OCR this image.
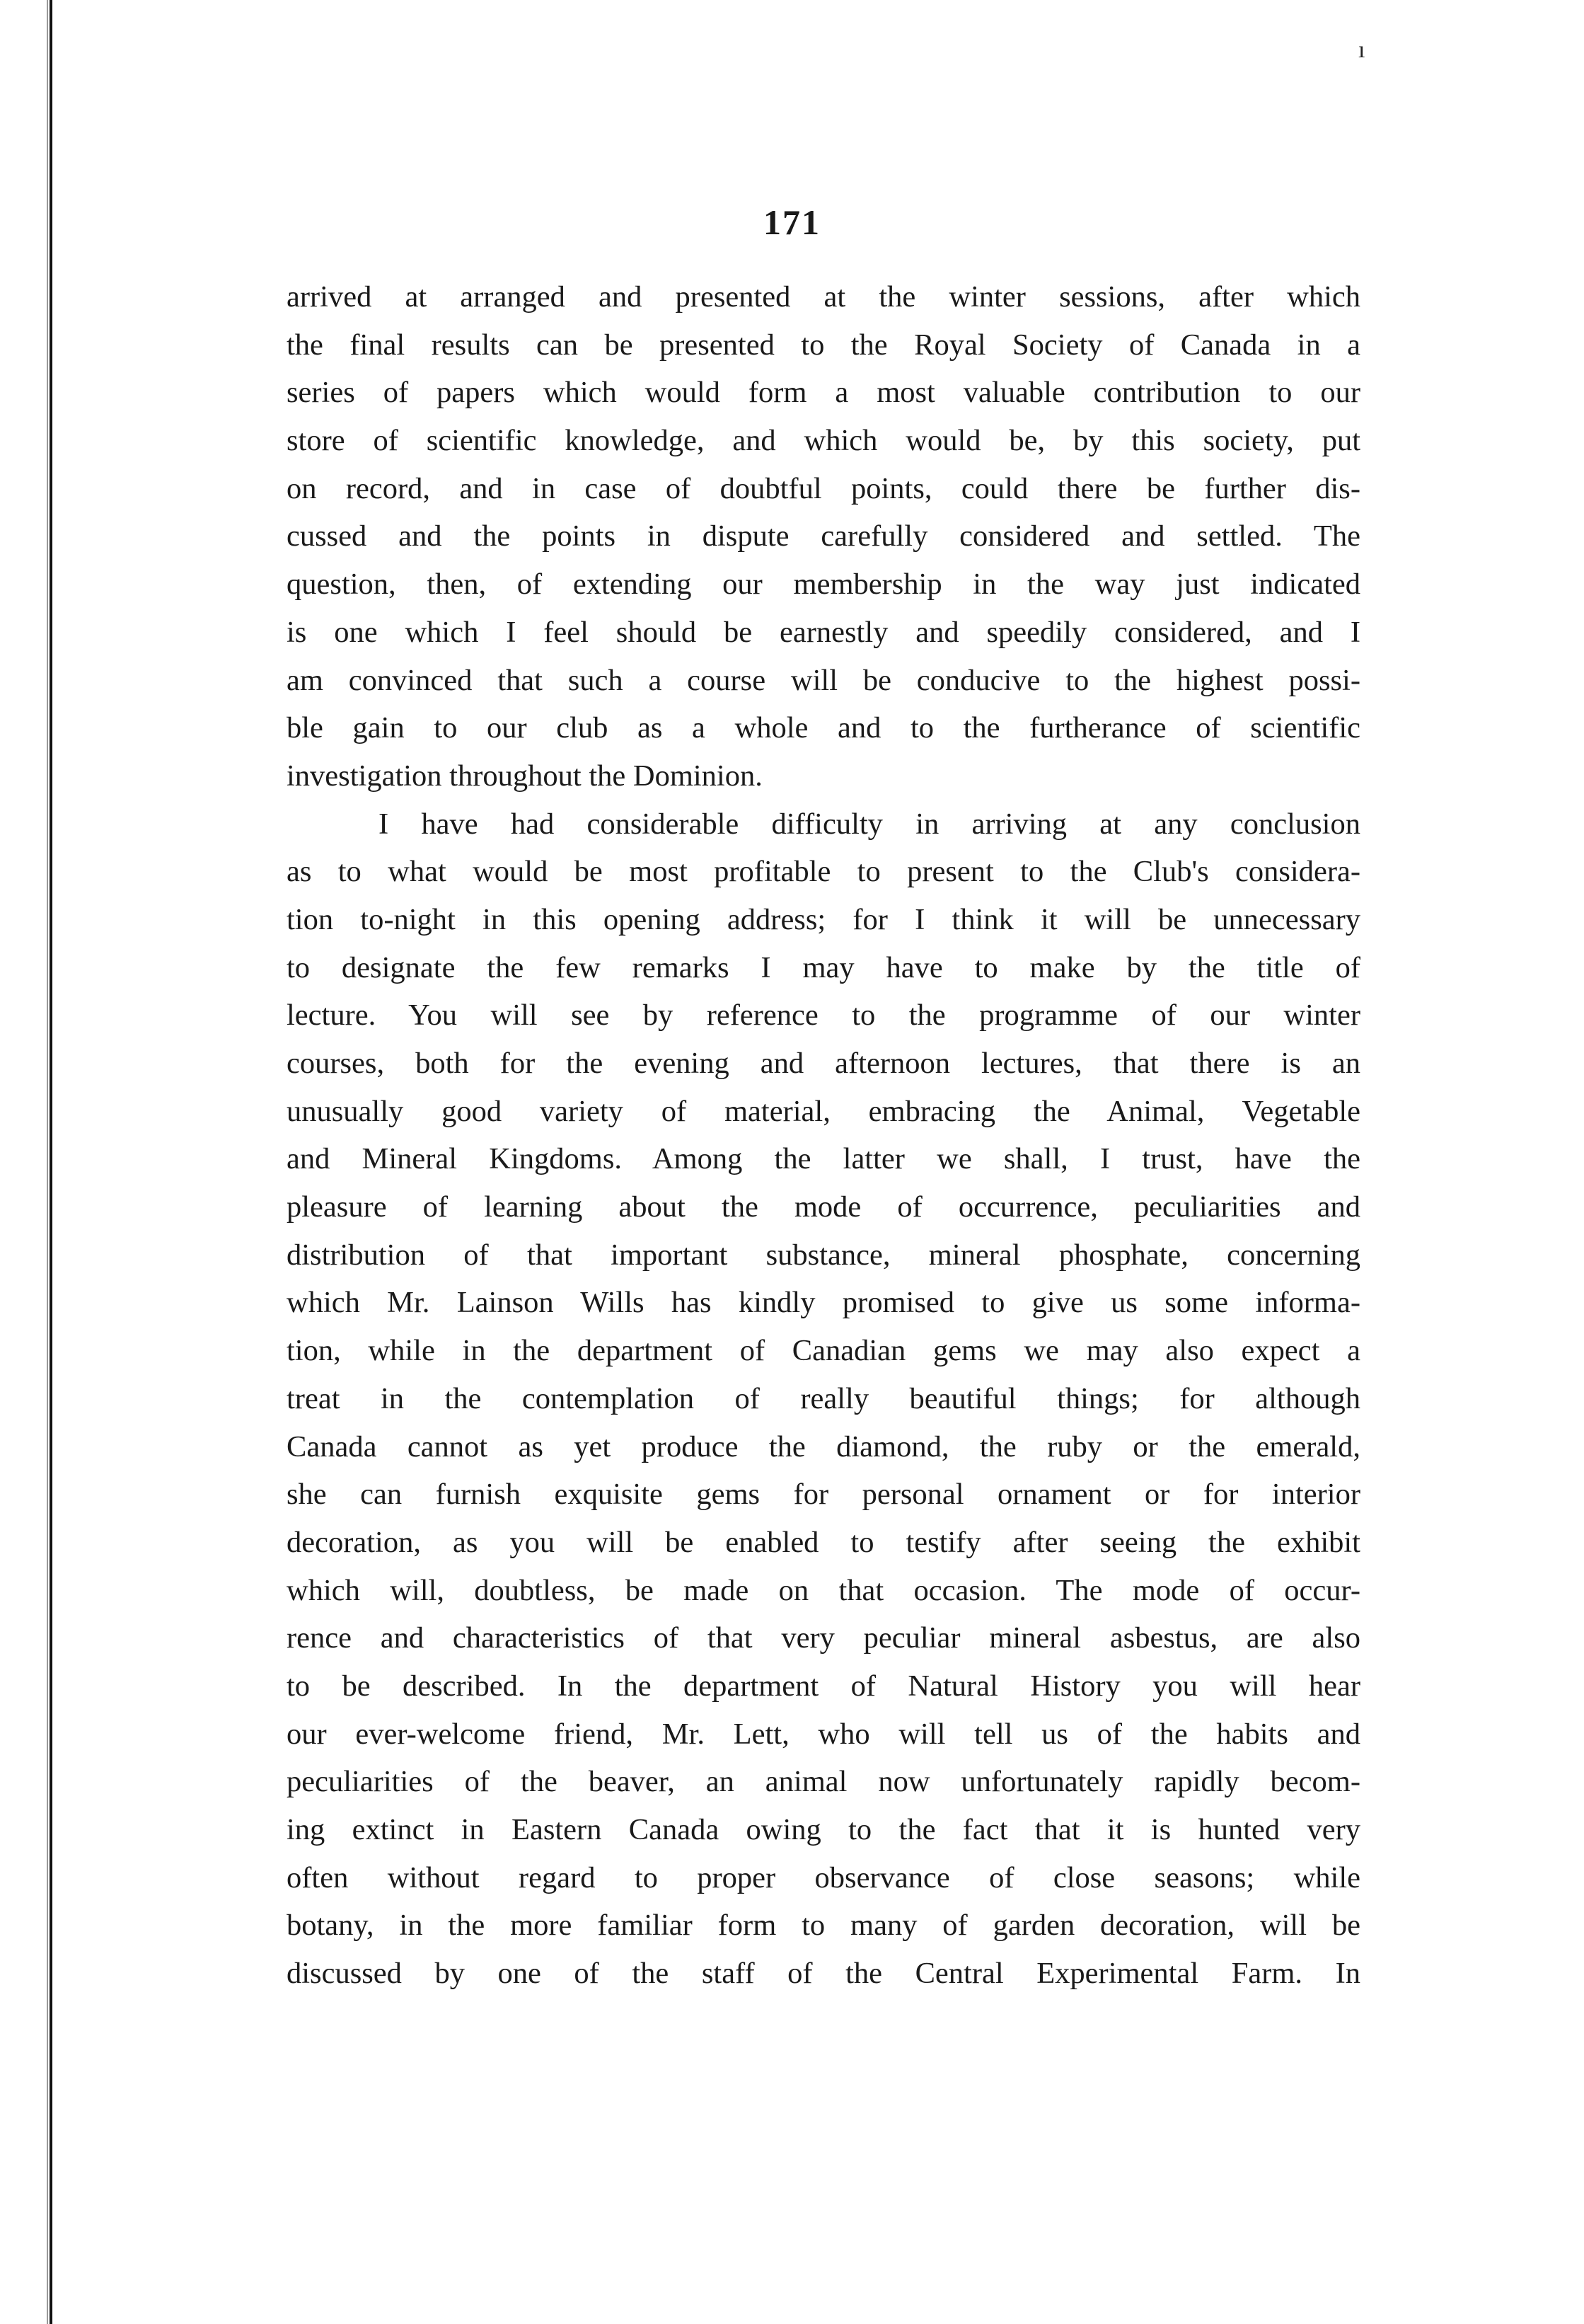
ı
171
arrived at arranged and presented at the winter sessions, after which
the final results can be presented to the Royal Society of Canada in a
series of papers which would form a most valuable contribution to our
store of scientific knowledge, and which would be, by this society, put
on record, and in case of doubtful points, could there be further dis-
cussed and the points in dispute carefully considered and settled. The
question, then, of extending our membership in the way just indicated
is one which I feel should be earnestly and speedily considered, and I
am convinced that such a course will be conducive to the highest possi-
ble gain to our club as a whole and to the furtherance of scientific
investigation throughout the Dominion.
I have had considerable difficulty in arriving at any conclusion
as to what would be most profitable to present to the Club's considera-
tion to-night in this opening address; for I think it will be unnecessary
to designate the few remarks I may have to make by the title of
lecture. You will see by reference to the programme of our winter
courses, both for the evening and afternoon lectures, that there is an
unusually good variety of material, embracing the Animal, Vegetable
and Mineral Kingdoms. Among the latter we shall, I trust, have the
pleasure of learning about the mode of occurrence, peculiarities and
distribution of that important substance, mineral phosphate, concerning
which Mr. Lainson Wills has kindly promised to give us some informa-
tion, while in the department of Canadian gems we may also expect a
treat in the contemplation of really beautiful things; for although
Canada cannot as yet produce the diamond, the ruby or the emerald,
she can furnish exquisite gems for personal ornament or for interior
decoration, as you will be enabled to testify after seeing the exhibit
which will, doubtless, be made on that occasion. The mode of occur-
rence and characteristics of that very peculiar mineral asbestus, are also
to be described. In the department of Natural History you will hear
our ever-welcome friend, Mr. Lett, who will tell us of the habits and
peculiarities of the beaver, an animal now unfortunately rapidly becom-
ing extinct in Eastern Canada owing to the fact that it is hunted very
often without regard to proper observance of close seasons; while
botany, in the more familiar form to many of garden decoration, will be
discussed by one of the staff of the Central Experimental Farm. In
